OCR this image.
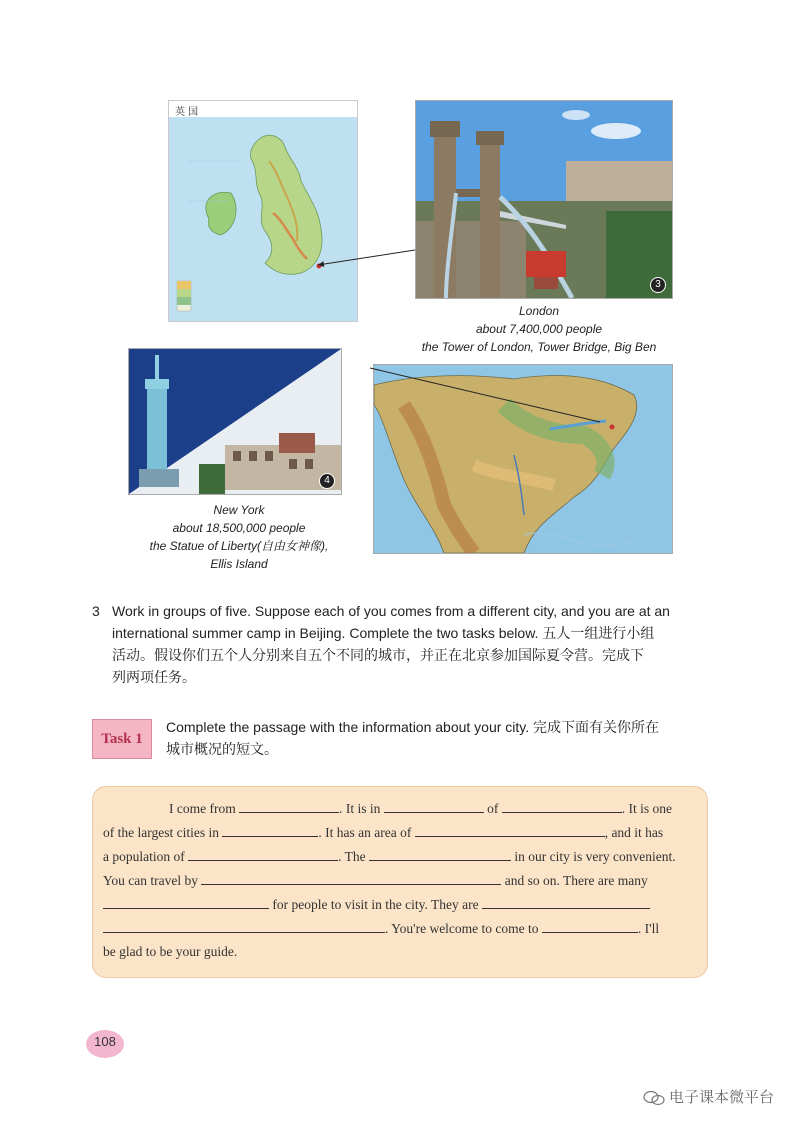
英 国
3
London
about 7,400,000 people
the Tower of London, Tower Bridge, Big Ben
4
New York
about 18,500,000 people
the Statue of Liberty(自由女神像),
Ellis Island
3 Work in groups of five. Suppose each of you comes from a different city, and you are at an
international summer camp in Beijing. Complete the two tasks below. 五人一组进行小组
活动。假设你们五个人分别来自五个不同的城市，并正在北京参加国际夏令营。完成下
列两项任务。
Task 1
Complete the passage with the information about your city. 完成下面有关你所在
城市概况的短文。
I come from	. It is in	of	. It is one
of the largest cities in	. It has an area of	, and it has
a population of	. The	in our city is very convenient.
You can travel by	and so on. There are many
for people to visit in the city. They are
. You're welcome to come to	. I'll
be glad to be your guide.
108
电子课本微平台
